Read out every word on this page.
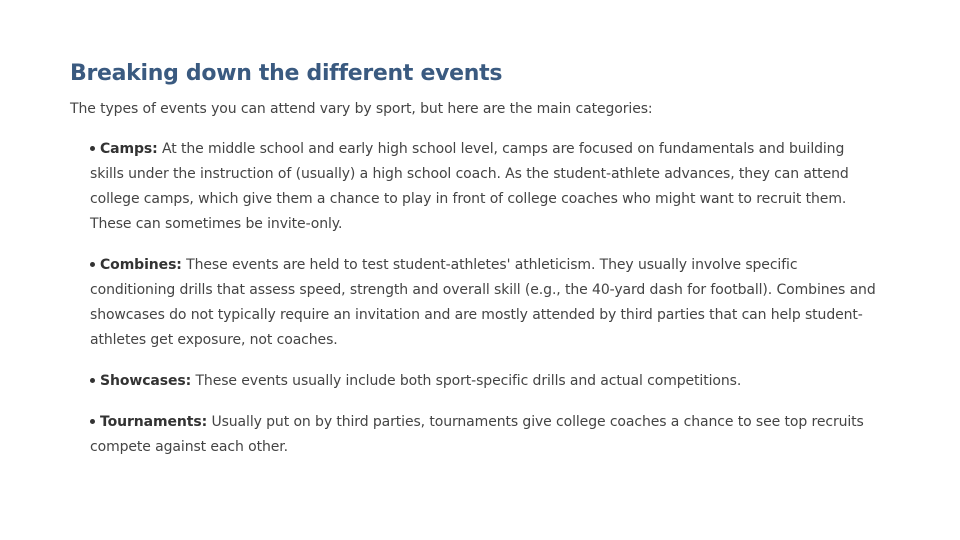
Breaking down the different events

The types of events you can attend vary by sport, but here are the main categories:

Camps: At the middle school and early high school level, camps are focused on fundamentals and building skills under the instruction of (usually) a high school coach. As the student-athlete advances, they can attend college camps, which give them a chance to play in front of college coaches who might want to recruit them. These can sometimes be invite-only.
Combines: These events are held to test student-athletes' athleticism. They usually involve specific conditioning drills that assess speed, strength and overall skill (e.g., the 40-yard dash for football). Combines and showcases do not typically require an invitation and are mostly attended by third parties that can help student-athletes get exposure, not coaches.
Showcases: These events usually include both sport-specific drills and actual competitions.
Tournaments: Usually put on by third parties, tournaments give college coaches a chance to see top recruits compete against each other.
